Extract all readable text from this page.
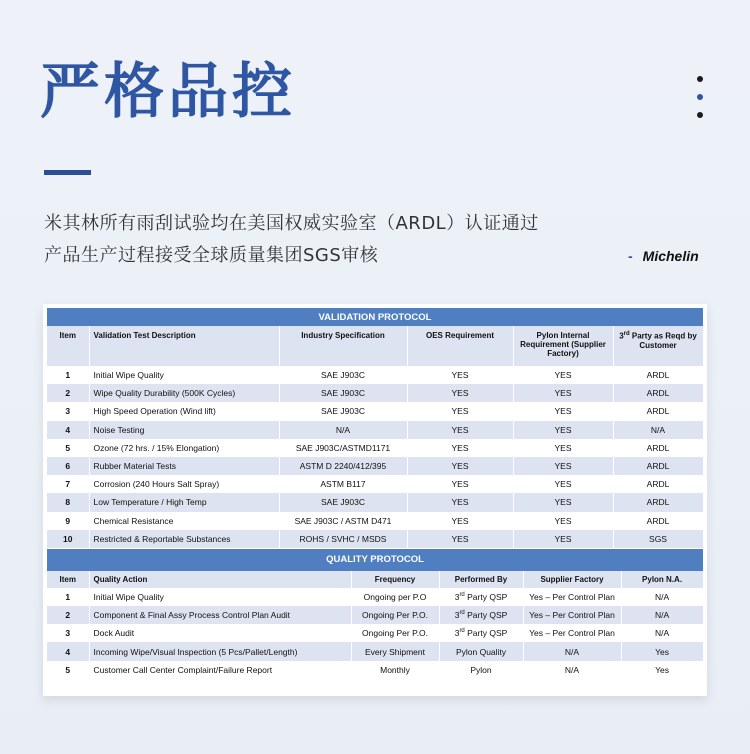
严格品控
米其林所有雨刮试验均在美国权威实验室（ARDL）认证通过
产品生产过程接受全球质量集团SGS审核	- Michelin
VALIDATION PROTOCOL					
Item	Validation Test Description	Industry Specification	OES Requirement	Pylon Internal Requirement (Supplier Factory)	3rd Party as Reqd by Customer
1	Initial Wipe Quality	SAE J903C	YES	YES	ARDL
2	Wipe Quality Durability (500K Cycles)	SAE J903C	YES	YES	ARDL
3	High Speed Operation (Wind lift)	SAE J903C	YES	YES	ARDL
4	Noise Testing	N/A	YES	YES	N/A
5	Ozone (72 hrs. / 15% Elongation)	SAE J903C/ASTMD1171	YES	YES	ARDL
6	Rubber Material Tests	ASTM D 2240/412/395	YES	YES	ARDL
7	Corrosion (240 Hours Salt Spray)	ASTM B117	YES	YES	ARDL
8	Low Temperature / High Temp	SAE J903C	YES	YES	ARDL
9	Chemical Resistance	SAE J903C / ASTM D471	YES	YES	ARDL
10	Restricted & Reportable Substances	ROHS / SVHC / MSDS	YES	YES	SGS
QUALITY PROTOCOL					
Item	Quality Action	Frequency	Performed By	Supplier Factory	Pylon N.A.
1	Initial Wipe Quality	Ongoing per P.O	3rd Party QSP	Yes – Per Control Plan	N/A
2	Component & Final Assy Process Control Plan Audit	Ongoing Per P.O.	3rd Party QSP	Yes – Per Control Plan	N/A
3	Dock Audit	Ongoing Per P.O.	3rd Party QSP	Yes – Per Control Plan	N/A
4	Incoming Wipe/Visual Inspection (5 Pcs/Pallet/Length)	Every Shipment	Pylon Quality	N/A	Yes
5	Customer Call Center Complaint/Failure Report	Monthly	Pylon	N/A	Yes
